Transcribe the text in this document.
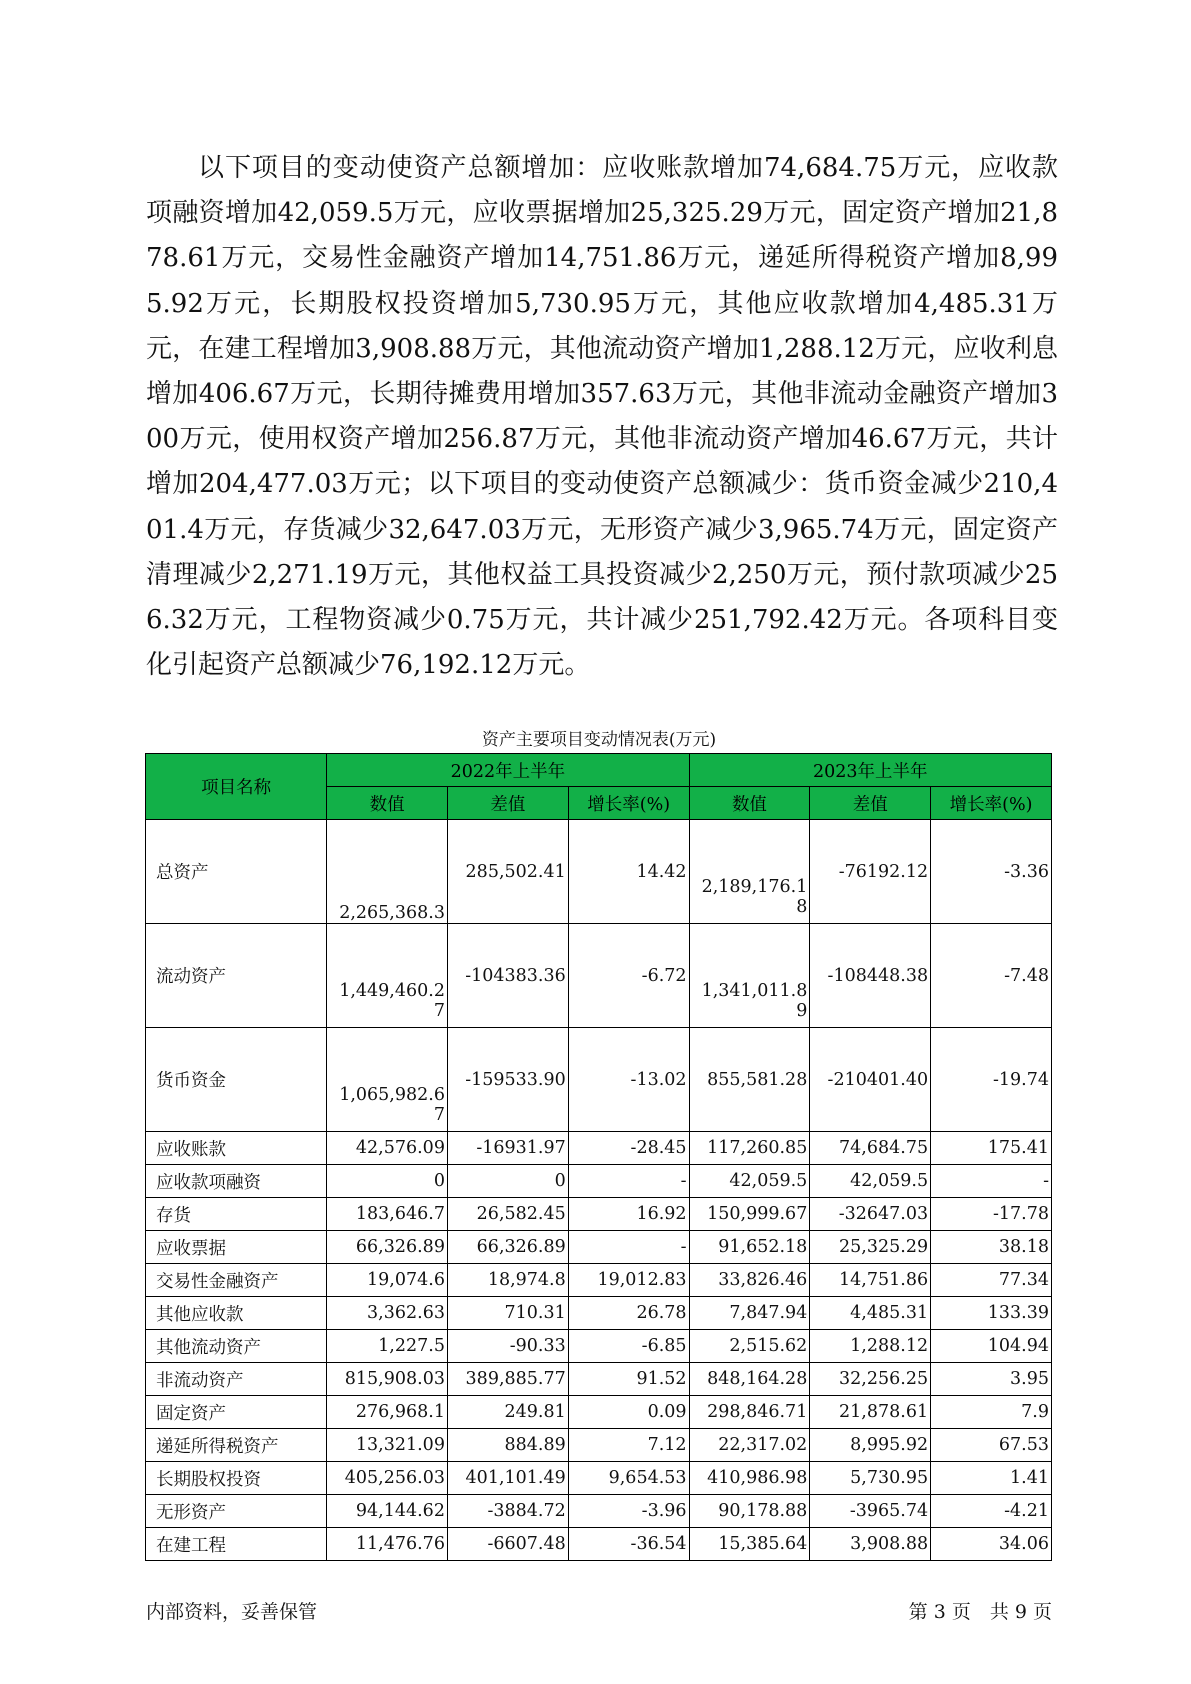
以下项目的变动使资产总额增加：应收账款增加74,684.75万元，应收款项融资增加42,059.5万元，应收票据增加25,325.29万元，固定资产增加21,878.61万元，交易性金融资产增加14,751.86万元，递延所得税资产增加8,995.92万元，长期股权投资增加5,730.95万元，其他应收款增加4,485.31万元，在建工程增加3,908.88万元，其他流动资产增加1,288.12万元，应收利息增加406.67万元，长期待摊费用增加357.63万元，其他非流动金融资产增加300万元，使用权资产增加256.87万元，其他非流动资产增加46.67万元，共计增加204,477.03万元；以下项目的变动使资产总额减少：货币资金减少210,401.4万元，存货减少32,647.03万元，无形资产减少3,965.74万元，固定资产清理减少2,271.19万元，其他权益工具投资减少2,250万元，预付款项减少256.32万元，工程物资减少0.75万元，共计减少251,792.42万元。各项科目变化引起资产总额减少76,192.12万元。

资产主要项目变动情况表(万元)
项目名称	2022年上半年			2023年上半年		
	数值	差值	增长率(%)	数值	差值	增长率(%)
总资产	2,265,368.3	285,502.41	14.42	2,189,176.18	-76192.12	-3.36
流动资产	1,449,460.27	-104383.36	-6.72	1,341,011.89	-108448.38	-7.48
货币资金	1,065,982.67	-159533.90	-13.02	855,581.28	-210401.40	-19.74
应收账款	42,576.09	-16931.97	-28.45	117,260.85	74,684.75	175.41
应收款项融资	0	0	-	42,059.5	42,059.5	-
存货	183,646.7	26,582.45	16.92	150,999.67	-32647.03	-17.78
应收票据	66,326.89	66,326.89	-	91,652.18	25,325.29	38.18
交易性金融资产	19,074.6	18,974.8	19,012.83	33,826.46	14,751.86	77.34
其他应收款	3,362.63	710.31	26.78	7,847.94	4,485.31	133.39
其他流动资产	1,227.5	-90.33	-6.85	2,515.62	1,288.12	104.94
非流动资产	815,908.03	389,885.77	91.52	848,164.28	32,256.25	3.95
固定资产	276,968.1	249.81	0.09	298,846.71	21,878.61	7.9
递延所得税资产	13,321.09	884.89	7.12	22,317.02	8,995.92	67.53
长期股权投资	405,256.03	401,101.49	9,654.53	410,986.98	5,730.95	1.41
无形资产	94,144.62	-3884.72	-3.96	90,178.88	-3965.74	-4.21
在建工程	11,476.76	-6607.48	-36.54	15,385.64	3,908.88	34.06
内部资料，妥善保管	第 3 页　共 9 页
